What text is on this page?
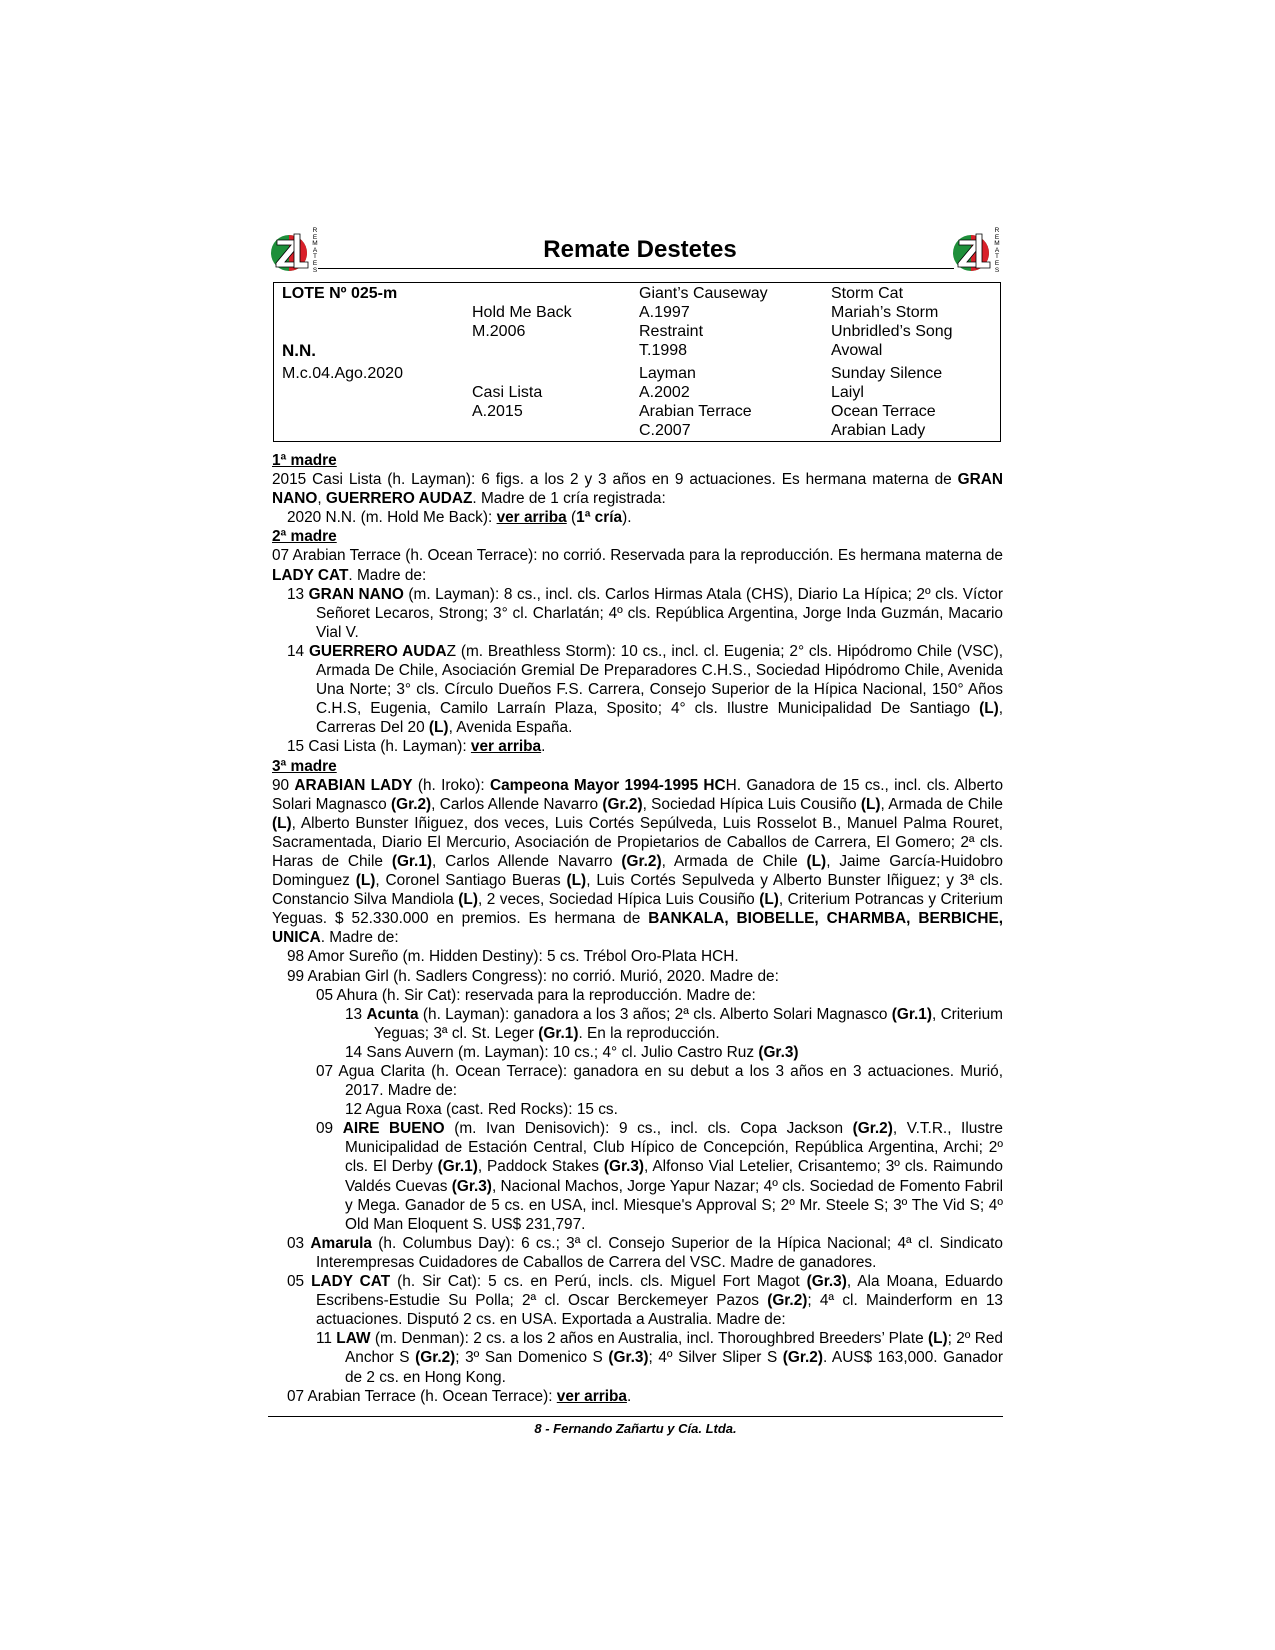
R
E
M
A
T
E
S
Remate Destetes
R
E
M
A
T
E
S
LOTE Nº 025-m
N.N.
M.c.04.Ago.2020
Hold Me Back
M.2006
Casi Lista
A.2015
Giant’s Causeway
A.1997
Restraint
T.1998
Layman
A.2002
Arabian Terrace
C.2007
Storm Cat
Mariah’s Storm
Unbridled’s Song
Avowal
Sunday Silence
Laiyl
Ocean Terrace
Arabian Lady
1ª madre
2015 Casi Lista (h. Layman): 6 figs. a los 2 y 3 años en 9 actuaciones. Es hermana materna de GRAN NANO, GUERRERO AUDAZ. Madre de 1 cría registrada:
2020 N.N. (m. Hold Me Back): ver arriba (1ª cría).
2ª madre
07 Arabian Terrace (h. Ocean Terrace): no corrió. Reservada para la reproducción. Es hermana materna de LADY CAT. Madre de:
13 GRAN NANO (m. Layman): 8 cs., incl. cls. Carlos Hirmas Atala (CHS), Diario La Hípica; 2º cls. Víctor Señoret Lecaros, Strong; 3° cl. Charlatán; 4º cls. República Argentina, Jorge Inda Guzmán, Macario Vial V.
14 GUERRERO AUDAZ (m. Breathless Storm): 10 cs., incl. cl. Eugenia; 2° cls. Hipódromo Chile (VSC), Armada De Chile, Asociación Gremial De Preparadores C.H.S., Sociedad Hipódromo Chile, Avenida Una Norte; 3° cls. Círculo Dueños F.S. Carrera, Consejo Superior de la Hípica Nacional, 150° Años C.H.S, Eugenia, Camilo Larraín Plaza, Sposito; 4° cls. Ilustre Municipalidad De Santiago (L), Carreras Del 20 (L), Avenida España.
15 Casi Lista (h. Layman): ver arriba.
3ª madre
90 ARABIAN LADY (h. Iroko): Campeona Mayor 1994-1995 HCH. Ganadora de 15 cs., incl. cls. Alberto Solari Magnasco (Gr.2), Carlos Allende Navarro (Gr.2), Sociedad Hípica Luis Cousiño (L), Armada de Chile (L), Alberto Bunster Iñiguez, dos veces, Luis Cortés Sepúlveda, Luis Rosselot B., Manuel Palma Rouret, Sacramentada, Diario El Mercurio, Asociación de Propietarios de Caballos de Carrera, El Gomero; 2ª cls. Haras de Chile (Gr.1), Carlos Allende Navarro (Gr.2), Armada de Chile (L), Jaime García-Huidobro Dominguez (L), Coronel Santiago Bueras (L), Luis Cortés Sepulveda y Alberto Bunster Iñiguez; y 3ª cls. Constancio Silva Mandiola (L), 2 veces, Sociedad Hípica Luis Cousiño (L), Criterium Potrancas y Criterium Yeguas. $ 52.330.000 en premios. Es hermana de BANKALA, BIOBELLE, CHARMBA, BERBICHE, UNICA. Madre de:
98 Amor Sureño (m. Hidden Destiny): 5 cs. Trébol Oro-Plata HCH.
99 Arabian Girl (h. Sadlers Congress): no corrió. Murió, 2020. Madre de:
05 Ahura (h. Sir Cat): reservada para la reproducción. Madre de:
13 Acunta (h. Layman): ganadora a los 3 años; 2ª cls. Alberto Solari Magnasco (Gr.1), Criterium Yeguas; 3ª cl. St. Leger (Gr.1). En la reproducción.
14 Sans Auvern (m. Layman): 10 cs.; 4° cl. Julio Castro Ruz (Gr.3)
07 Agua Clarita (h. Ocean Terrace): ganadora en su debut a los 3 años en 3 actuaciones. Murió, 2017. Madre de:
12 Agua Roxa (cast. Red Rocks): 15 cs.
09 AIRE BUENO (m. Ivan Denisovich): 9 cs., incl. cls. Copa Jackson (Gr.2), V.T.R., Ilustre Municipalidad de Estación Central, Club Hípico de Concepción, República Argentina, Archi; 2º cls. El Derby (Gr.1), Paddock Stakes (Gr.3), Alfonso Vial Letelier, Crisantemo; 3º cls. Raimundo Valdés Cuevas (Gr.3), Nacional Machos, Jorge Yapur Nazar; 4º cls. Sociedad de Fomento Fabril y Mega. Ganador de 5 cs. en USA, incl. Miesque's Approval S; 2º Mr. Steele S; 3º The Vid S; 4º Old Man Eloquent S. US$ 231,797.
03 Amarula (h. Columbus Day): 6 cs.; 3ª cl. Consejo Superior de la Hípica Nacional; 4ª cl. Sindicato Interempresas Cuidadores de Caballos de Carrera del VSC. Madre de ganadores.
05 LADY CAT (h. Sir Cat): 5 cs. en Perú, incls. cls. Miguel Fort Magot (Gr.3), Ala Moana, Eduardo Escribens-Estudie Su Polla; 2ª cl. Oscar Berckemeyer Pazos (Gr.2); 4ª cl. Mainderform en 13 actuaciones. Disputó 2 cs. en USA. Exportada a Australia. Madre de:
11 LAW (m. Denman): 2 cs. a los 2 años en Australia, incl. Thoroughbred Breeders’ Plate (L); 2º Red Anchor S (Gr.2); 3º San Domenico S (Gr.3); 4º Silver Sliper S (Gr.2). AUS$ 163,000. Ganador de 2 cs. en Hong Kong.
07 Arabian Terrace (h. Ocean Terrace): ver arriba.
8 - Fernando Zañartu y Cía. Ltda.
